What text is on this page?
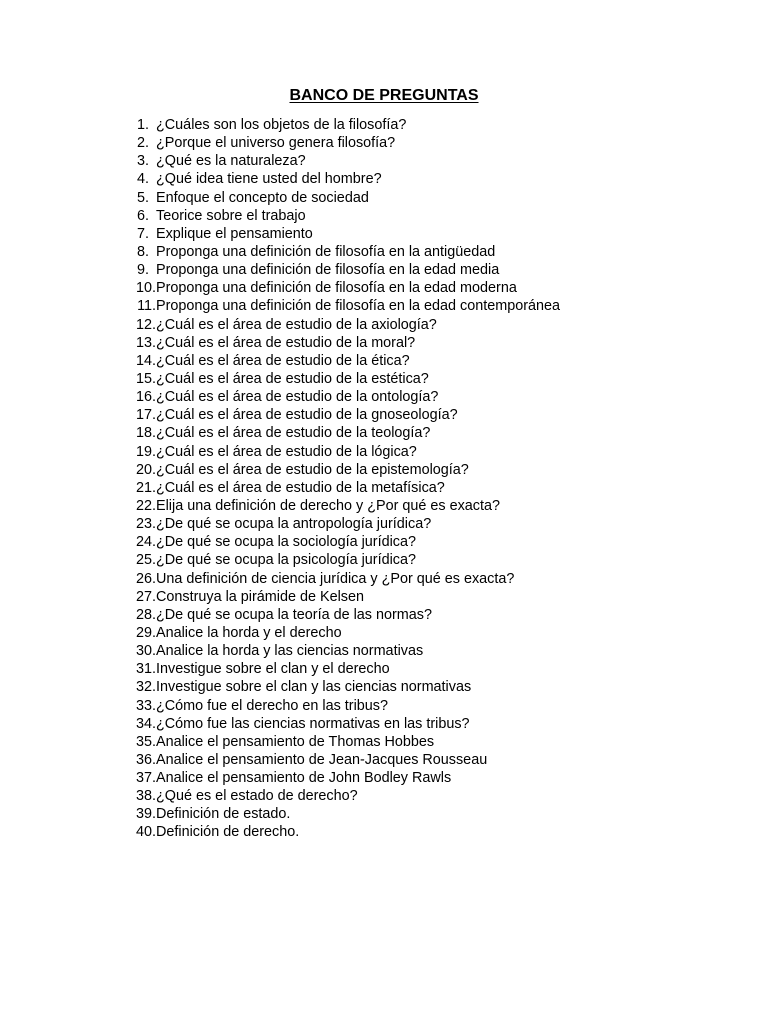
BANCO DE PREGUNTAS
1. ¿Cuáles son los objetos de la filosofía?
2. ¿Porque el universo genera filosofía?
3. ¿Qué es la naturaleza?
4. ¿Qué idea tiene usted del hombre?
5. Enfoque el concepto de sociedad
6. Teorice sobre el trabajo
7. Explique el pensamiento
8. Proponga una definición de filosofía en la antigüedad
9. Proponga una definición de filosofía en la edad media
10. Proponga una definición de filosofía en la edad moderna
11. Proponga una definición de filosofía en la edad contemporánea
12. ¿Cuál es el área de estudio de la axiología?
13. ¿Cuál es el área de estudio de la moral?
14. ¿Cuál es el área de estudio de la ética?
15. ¿Cuál es el área de estudio de la estética?
16. ¿Cuál es el área de estudio de la ontología?
17. ¿Cuál es el área de estudio de la gnoseología?
18. ¿Cuál es el área de estudio de la teología?
19. ¿Cuál es el área de estudio de la lógica?
20. ¿Cuál es el área de estudio de la epistemología?
21. ¿Cuál es el área de estudio de la metafísica?
22. Elija una definición de derecho y ¿Por qué es exacta?
23. ¿De qué se ocupa la antropología jurídica?
24. ¿De qué se ocupa la sociología jurídica?
25. ¿De qué se ocupa la psicología jurídica?
26. Una definición de ciencia jurídica y ¿Por qué es exacta?
27. Construya la pirámide de Kelsen
28. ¿De qué se ocupa la teoría de las normas?
29. Analice la horda y el derecho
30. Analice la horda y las ciencias normativas
31. Investigue sobre el clan y el derecho
32. Investigue sobre el clan y las ciencias normativas
33. ¿Cómo fue el derecho en las tribus?
34. ¿Cómo fue las ciencias normativas en las tribus?
35. Analice el pensamiento de Thomas Hobbes
36. Analice el pensamiento de Jean-Jacques Rousseau
37. Analice el pensamiento de John Bodley Rawls
38. ¿Qué es el estado de derecho?
39. Definición de estado.
40. Definición de derecho.
